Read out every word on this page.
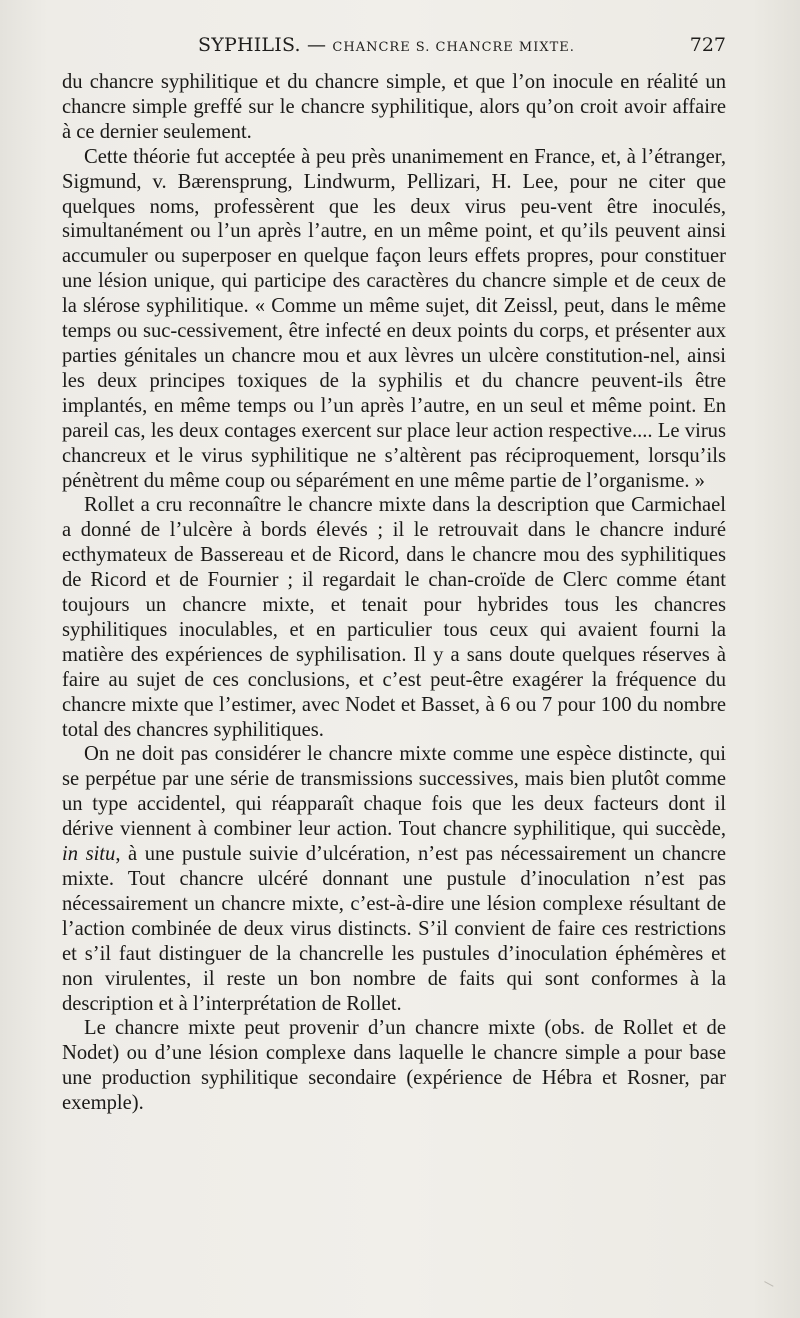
SYPHILIS. — CHANCRE S. CHANCRE MIXTE.	727

du chancre syphilitique et du chancre simple, et que l’on inocule en réalité un chancre simple greffé sur le chancre syphilitique, alors qu’on croit avoir affaire à ce dernier seulement.

Cette théorie fut acceptée à peu près unanimement en France, et, à l’étranger, Sigmund, v. Bærensprung, Lindwurm, Pellizari, H. Lee, pour ne citer que quelques noms, professèrent que les deux virus peu-vent être inoculés, simultanément ou l’un après l’autre, en un même point, et qu’ils peuvent ainsi accumuler ou superposer en quelque façon leurs effets propres, pour constituer une lésion unique, qui participe des caractères du chancre simple et de ceux de la slérose syphilitique. « Comme un même sujet, dit Zeissl, peut, dans le même temps ou suc-cessivement, être infecté en deux points du corps, et présenter aux parties génitales un chancre mou et aux lèvres un ulcère constitution-nel, ainsi les deux principes toxiques de la syphilis et du chancre peuvent-ils être implantés, en même temps ou l’un après l’autre, en un seul et même point. En pareil cas, les deux contages exercent sur place leur action respective.... Le virus chancreux et le virus syphilitique ne s’altèrent pas réciproquement, lorsqu’ils pénètrent du même coup ou séparément en une même partie de l’organisme. »

Rollet a cru reconnaître le chancre mixte dans la description que Carmichael a donné de l’ulcère à bords élevés ; il le retrouvait dans le chancre induré ecthymateux de Bassereau et de Ricord, dans le chancre mou des syphilitiques de Ricord et de Fournier ; il regardait le chan-croïde de Clerc comme étant toujours un chancre mixte, et tenait pour hybrides tous les chancres syphilitiques inoculables, et en particulier tous ceux qui avaient fourni la matière des expériences de syphilisation. Il y a sans doute quelques réserves à faire au sujet de ces conclusions, et c’est peut-être exagérer la fréquence du chancre mixte que l’estimer, avec Nodet et Basset, à 6 ou 7 pour 100 du nombre total des chancres syphilitiques.

On ne doit pas considérer le chancre mixte comme une espèce distincte, qui se perpétue par une série de transmissions successives, mais bien plutôt comme un type accidentel, qui réapparaît chaque fois que les deux facteurs dont il dérive viennent à combiner leur action. Tout chancre syphilitique, qui succède, in situ, à une pustule suivie d’ulcération, n’est pas nécessairement un chancre mixte. Tout chancre ulcéré donnant une pustule d’inoculation n’est pas nécessairement un chancre mixte, c’est-à-dire une lésion complexe résultant de l’action combinée de deux virus distincts. S’il convient de faire ces restrictions et s’il faut distinguer de la chancrelle les pustules d’inoculation éphémères et non virulentes, il reste un bon nombre de faits qui sont conformes à la description et à l’interprétation de Rollet.

Le chancre mixte peut provenir d’un chancre mixte (obs. de Rollet et de Nodet) ou d’une lésion complexe dans laquelle le chancre simple a pour base une production syphilitique secondaire (expérience de Hébra et Rosner, par exemple).
